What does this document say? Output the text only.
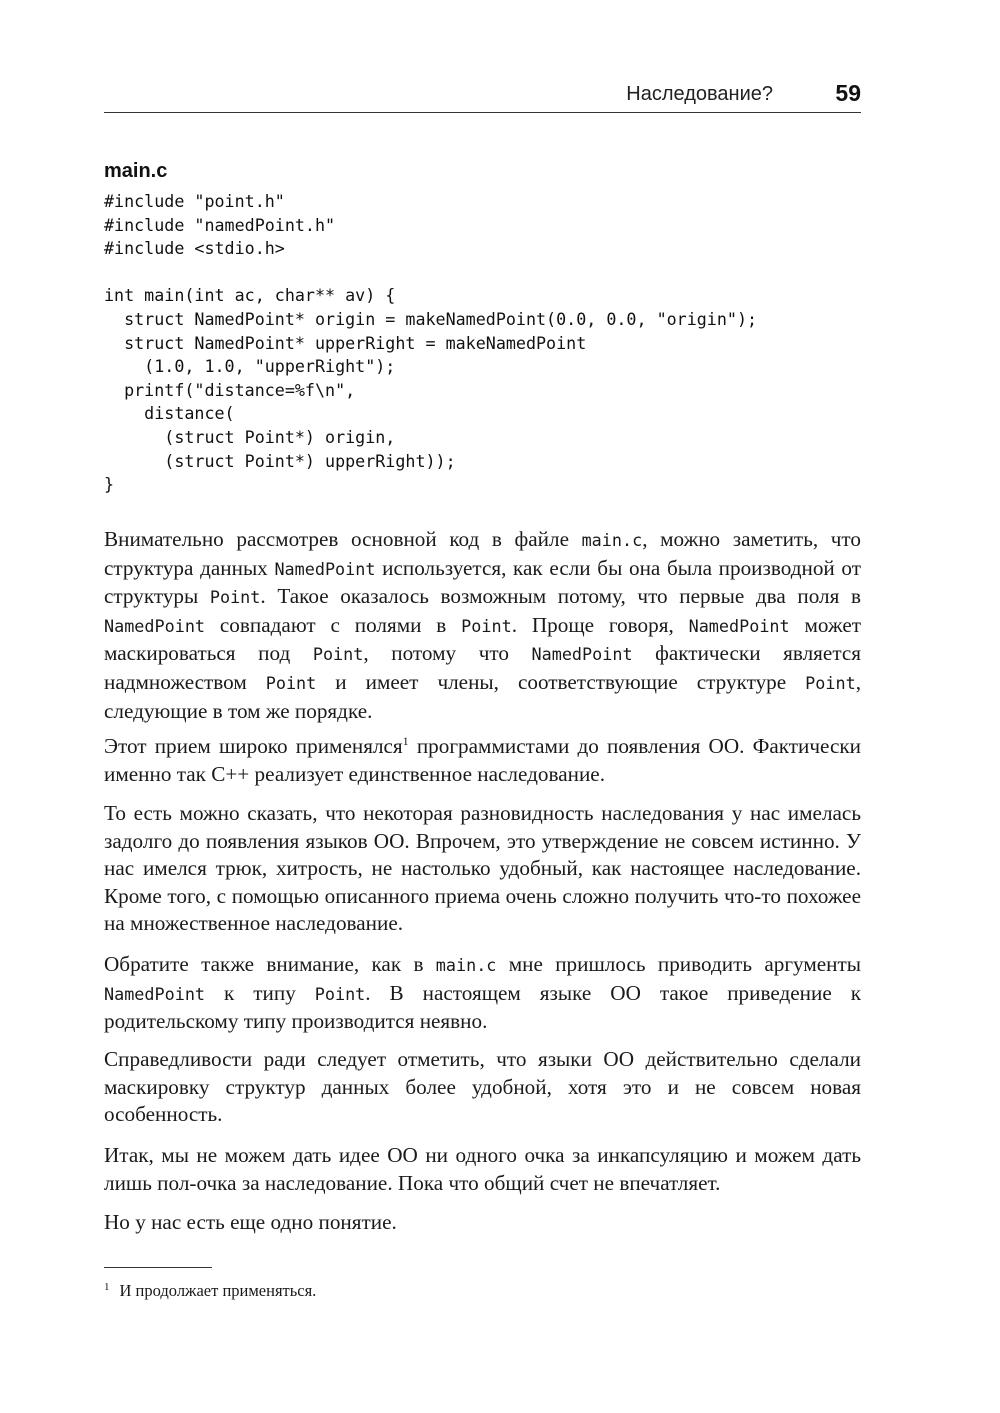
Наследование?	59
main.c
#include "point.h"
#include "namedPoint.h"
#include <stdio.h>
int main(int ac, char** av) {
struct NamedPoint* origin = makeNamedPoint(0.0, 0.0, "origin");
struct NamedPoint* upperRight = makeNamedPoint
(1.0, 1.0, "upperRight");
printf("distance=%f\n",
distance(
(struct Point*) origin,
(struct Point*) upperRight));
}

Внимательно рассмотрев основной код в файле main.c, можно заметить, что структура данных NamedPoint используется, как если бы она была производной от структуры Point. Такое оказалось возможным потому, что первые два поля в NamedPoint совпадают с полями в Point. Проще говоря, NamedPoint может маскироваться под Point, потому что NamedPoint фактически является надмножеством Point и имеет члены, соответствующие структуре Point, следующие в том же порядке.

Этот прием широко применялся$^1$ программистами до появления ОО. Фактически именно так С++ реализует единственное наследование.

То есть можно сказать, что некоторая разновидность наследования у нас имелась задолго до появления языков ОО. Впрочем, это утверждение не совсем истинно. У нас имелся трюк, хитрость, не настолько удобный, как настоящее наследование. Кроме того, с помощью описанного приема очень сложно получить что-то похожее на множественное наследование.

Обратите также внимание, как в main.c мне пришлось приводить аргументы NamedPoint к типу Point. В настоящем языке ОО такое приведение к родительскому типу производится неявно.

Справедливости ради следует отметить, что языки ОО действительно сделали маскировку структур данных более удобной, хотя это и не совсем новая особенность.

Итак, мы не можем дать идее ОО ни одного очка за инкапсуляцию и можем дать лишь пол-очка за наследование. Пока что общий счет не впечатляет.

Но у нас есть еще одно понятие.

$^1$ И продолжает применяться.
